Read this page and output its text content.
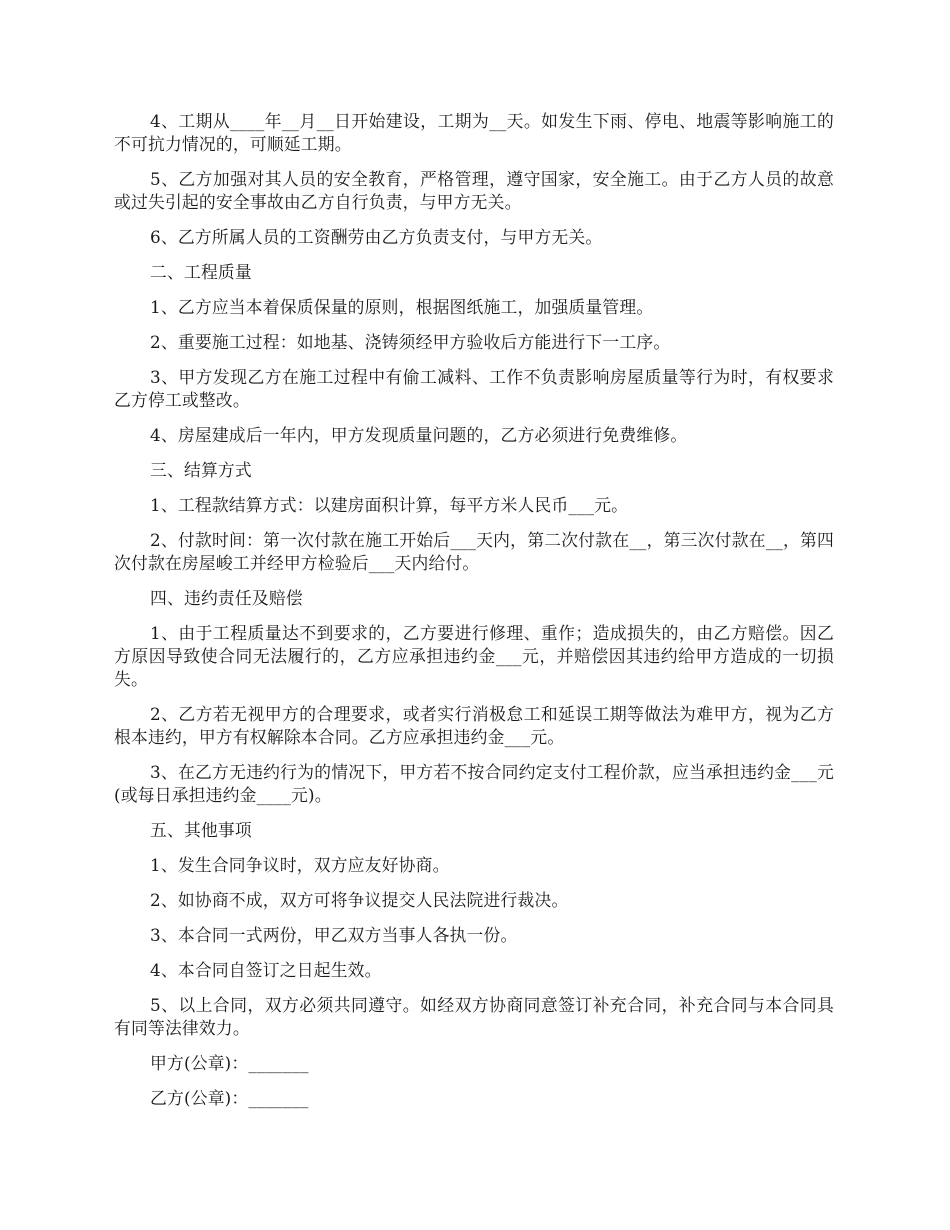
4、工期从____年__月__日开始建设，工期为__天。如发生下雨、停电、地震等影响施工的不可抗力情况的，可顺延工期。

5、乙方加强对其人员的安全教育，严格管理，遵守国家，安全施工。由于乙方人员的故意或过失引起的安全事故由乙方自行负责，与甲方无关。

6、乙方所属人员的工资酬劳由乙方负责支付，与甲方无关。

二、工程质量

1、乙方应当本着保质保量的原则，根据图纸施工，加强质量管理。

2、重要施工过程：如地基、浇铸须经甲方验收后方能进行下一工序。

3、甲方发现乙方在施工过程中有偷工减料、工作不负责影响房屋质量等行为时，有权要求乙方停工或整改。

4、房屋建成后一年内，甲方发现质量问题的，乙方必须进行免费维修。

三、结算方式

1、工程款结算方式：以建房面积计算，每平方米人民币___元。

2、付款时间：第一次付款在施工开始后___天内，第二次付款在__，第三次付款在__，第四次付款在房屋峻工并经甲方检验后___天内给付。

四、违约责任及赔偿

1、由于工程质量达不到要求的，乙方要进行修理、重作；造成损失的，由乙方赔偿。因乙方原因导致使合同无法履行的，乙方应承担违约金___元，并赔偿因其违约给甲方造成的一切损失。

2、乙方若无视甲方的合理要求，或者实行消极怠工和延误工期等做法为难甲方，视为乙方根本违约，甲方有权解除本合同。乙方应承担违约金___元。

3、在乙方无违约行为的情况下，甲方若不按合同约定支付工程价款，应当承担违约金___元(或每日承担违约金____元)。

五、其他事项

1、发生合同争议时，双方应友好协商。

2、如协商不成，双方可将争议提交人民法院进行裁决。

3、本合同一式两份，甲乙双方当事人各执一份。

4、本合同自签订之日起生效。

5、以上合同，双方必须共同遵守。如经双方协商同意签订补充合同，补充合同与本合同具有同等法律效力。

甲方(公章)：_______

乙方(公章)：_______
